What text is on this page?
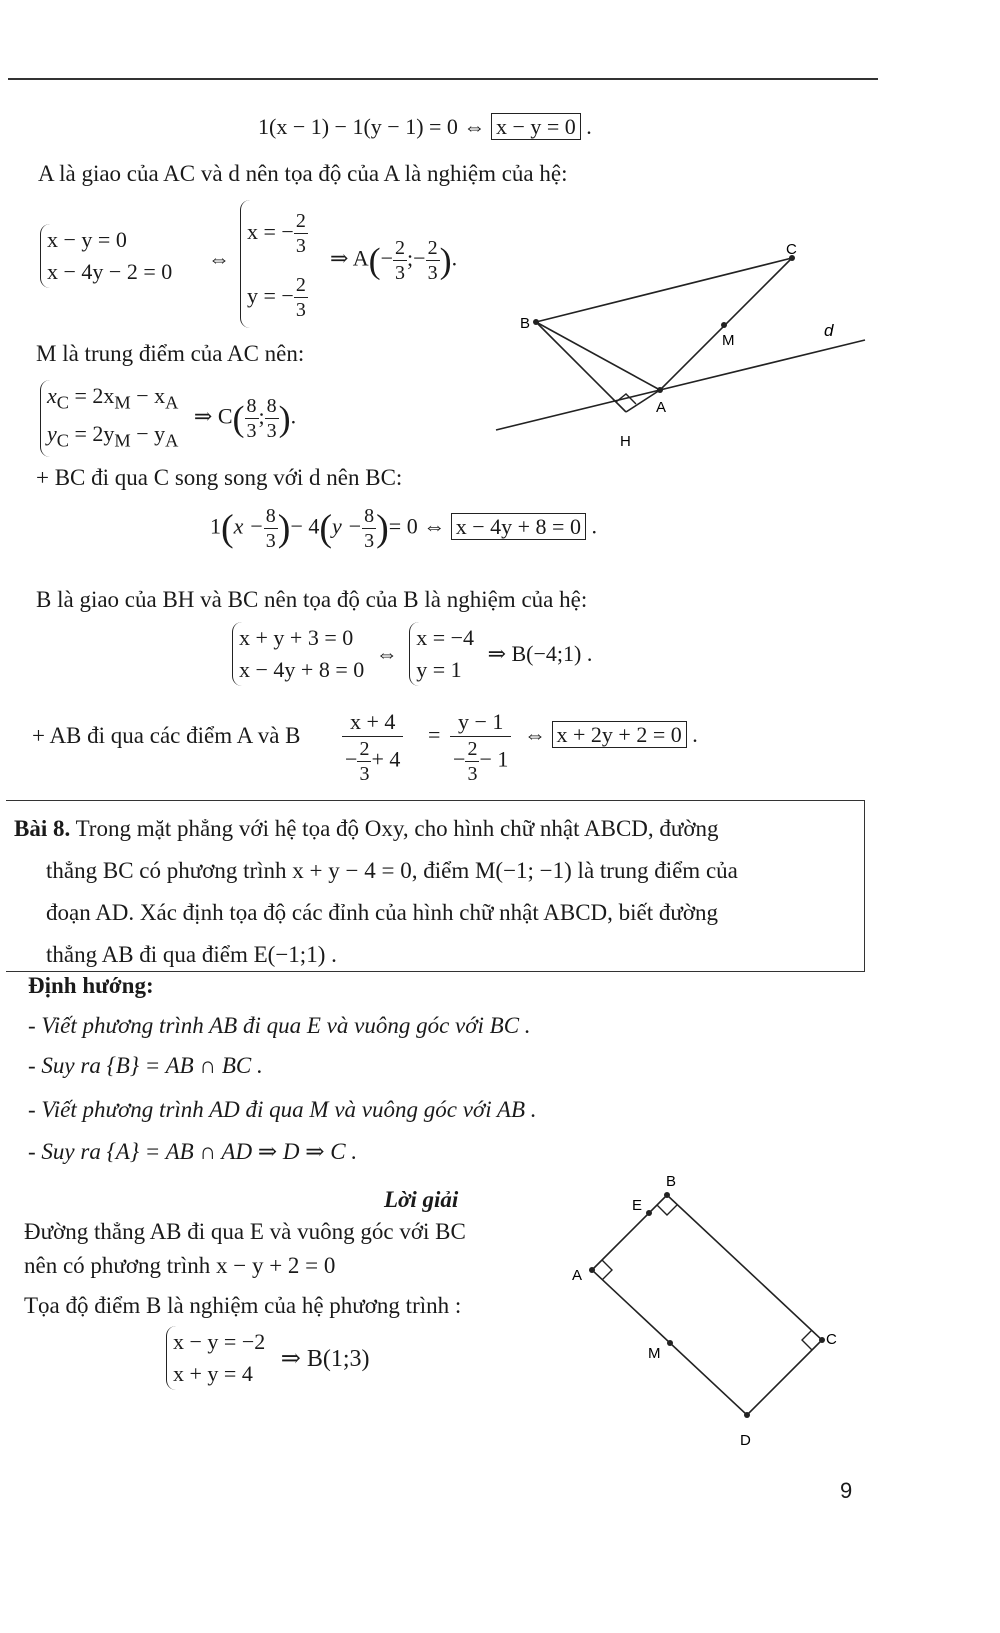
1(x − 1) − 1(y − 1) = 0 ⇔ x − y = 0 .
A là giao của AC và d nên tọa độ của A là nghiệm của hệ:
x − y = 0
x − 4y − 2 = 0
⇔
x = − $\frac{2}{3}$
y = − $\frac{2}{3}$
⇒ $A(- \frac{2}{3}$ ;− $\frac{2}{3}$ ).
M là trung điểm của AC nên:
$x_C = 2x_M - x_A$
$y_C = 2y_M - y_A$
⇒ $C( \frac{8}{3}$ ; $\frac{8}{3}$ ).
+ BC đi qua C song song với d nên BC:
$1(x - \frac{8}{3}$ )− $4(y - \frac{8}{3}$ )= 0 ⇔ x − 4y + 8 = 0 .
B là giao của BH và BC nên tọa độ của B là nghiệm của hệ:
x + y + 3 = 0
x − 4y + 8 = 0
⇔
x = −4
y = 1
⇒ B(−4;1) .
+ AB đi qua các điểm A và B
x + 4
− $\frac{2}{3} + 4$
=
y − 1
− $\frac{2}{3} - 1$
⇔ x + 2y + 2 = 0 .
Bài 8. Trong mặt phẳng với hệ tọa độ Oxy, cho hình chữ nhật ABCD, đường
thẳng BC có phương trình x + y − 4 = 0, điểm M(−1; −1) là trung điểm của
đoạn AD. Xác định tọa độ các đỉnh của hình chữ nhật ABCD, biết đường
thẳng AB đi qua điểm E(−1;1) .
Định hướng:
- Viết phương trình AB đi qua E và vuông góc với BC .
- Suy ra {B} = AB ∩ BC .
- Viết phương trình AD đi qua M và vuông góc với AB .
- Suy ra {A} = AB ∩ AD ⇒ D ⇒ C .
Lời giải
Đường thẳng AB đi qua E và vuông góc với BC
nên có phương trình x − y + 2 = 0
Tọa độ điểm B là nghiệm của hệ phương trình :
x − y = −2
x + y = 4
⇒ B(1;3)
B
C
M
A
H
d
B
E
A
M
C
D
9
